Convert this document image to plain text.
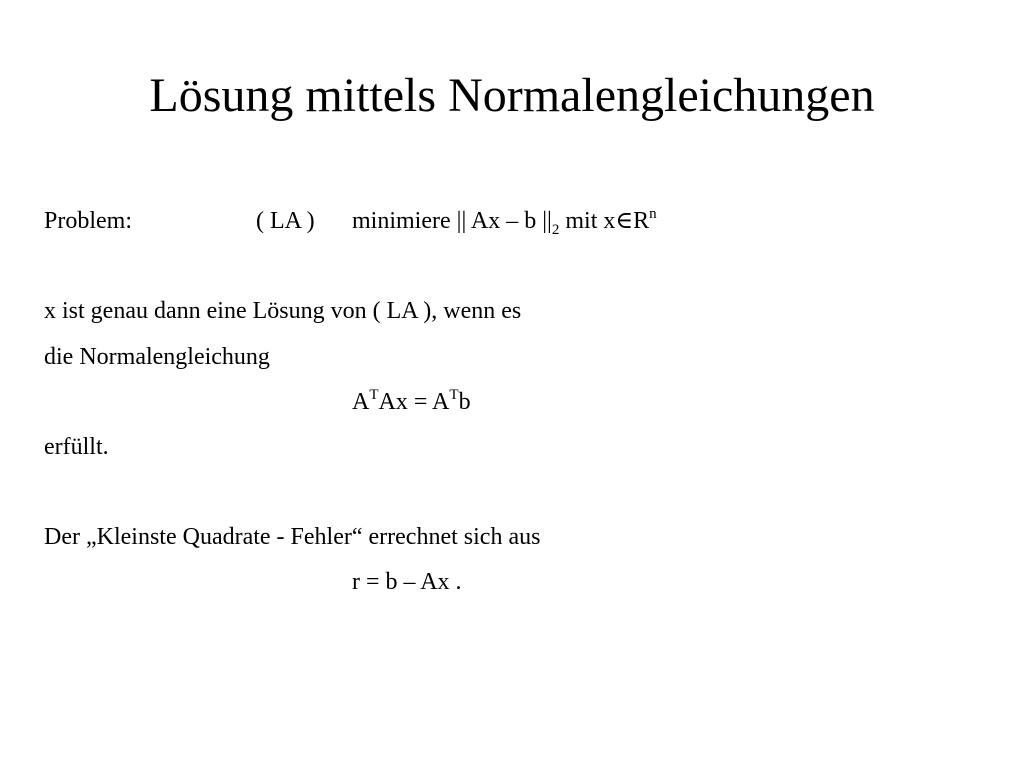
Lösung mittels Normalengleichungen
Problem:	( LA ) minimiere || Ax – b $||_2$ mit $x\in R^n$
x ist genau dann eine Lösung von ( LA ), wenn es
die Normalengleichung
$A^TAx = A^Tb$
erfüllt.
Der „Kleinste Quadrate - Fehler“ errechnet sich aus
r = b – Ax .
